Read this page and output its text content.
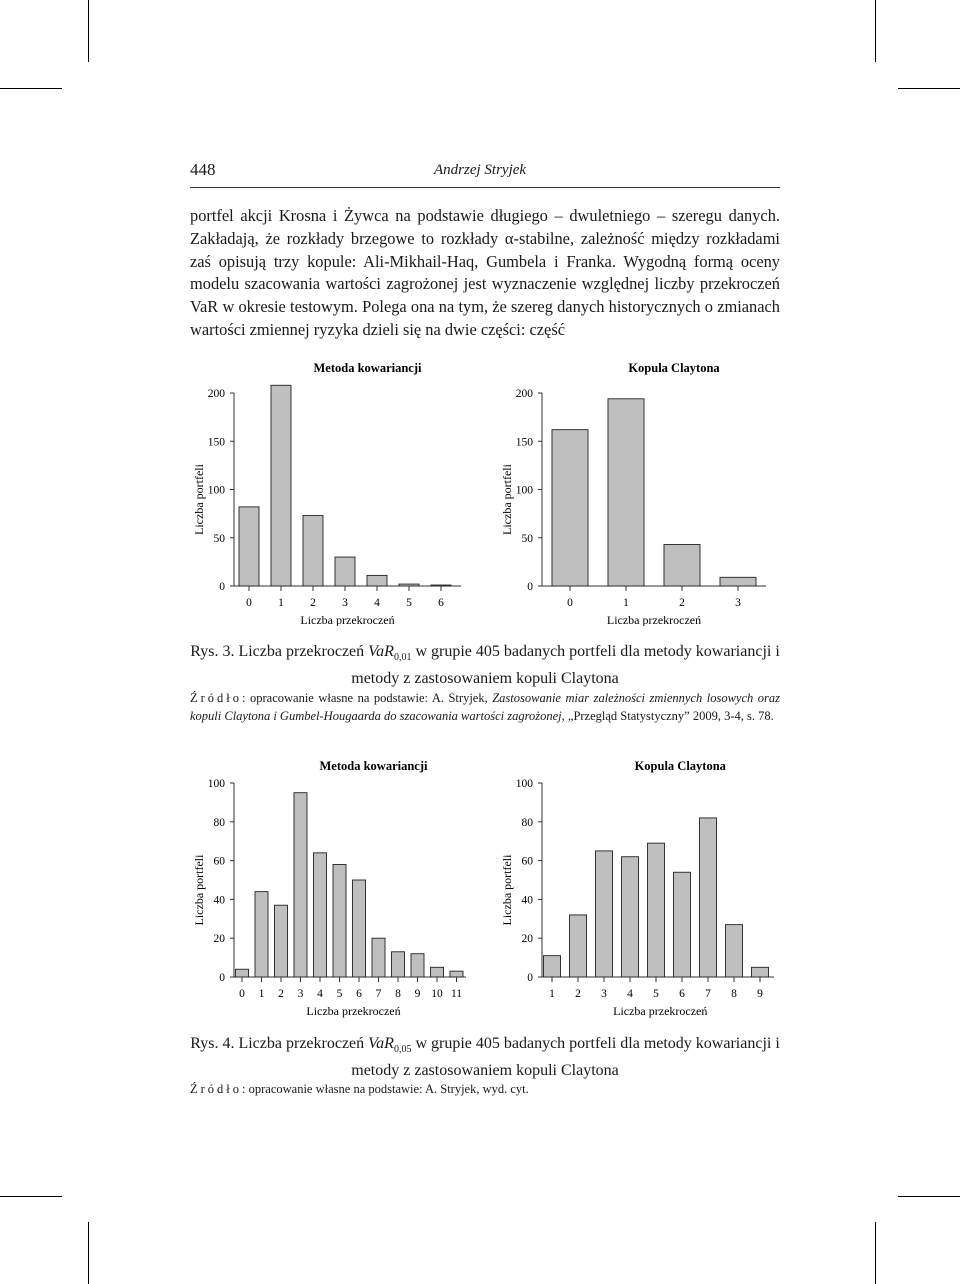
448	Andrzej Stryjek

portfel akcji Krosna i Żywca na podstawie długiego – dwuletniego – szeregu danych. Zakładają, że rozkłady brzegowe to rozkłady α-stabilne, zależność między rozkładami zaś opisują trzy kopule: Ali-Mikhail-Haq, Gumbela i Franka. Wygodną formą oceny modelu szacowania wartości zagrożonej jest wyznaczenie względnej liczby przekroczeń VaR w okresie testowym. Polega ona na tym, że szereg danych historycznych o zmianach wartości zmiennej ryzyka dzieli się na dwie części: część

Metoda kowariancji
0
50
100
150
200
Liczba portfeli
0 1 2 3 4 5 6
Liczba przekroczeń
Kopula Claytona
0
50
100
150
200
Liczba portfeli
0	1	2	3
Liczba przekroczeń
Rys. 3. Liczba przekroczeń VaR$_{0,01}$ w grupie 405 badanych portfeli dla metody kowariancji i metody z zastosowaniem kopuli Claytona
Źródło: opracowanie własne na podstawie: A. Stryjek, Zastosowanie miar zależności zmiennych losowych oraz kopuli Claytona i Gumbel-Hougaarda do szacowania wartości zagrożonej, „Przegląd Statystyczny” 2009, 3-4, s. 78.
Metoda kowariancji
0
20
40
60
80
100
Liczba portfeli
0 1 2 3 4 5 6 7 8 9 10 11
Liczba przekroczeń
Kopula Claytona
0
20
40
60
80
100
Liczba portfeli
1 2 3 4 5 6 7 8 9
Liczba przekroczeń
Rys. 4. Liczba przekroczeń VaR$_{0,05}$ w grupie 405 badanych portfeli dla metody kowariancji i metody z zastosowaniem kopuli Claytona
Źródło: opracowanie własne na podstawie: A. Stryjek, wyd. cyt.
